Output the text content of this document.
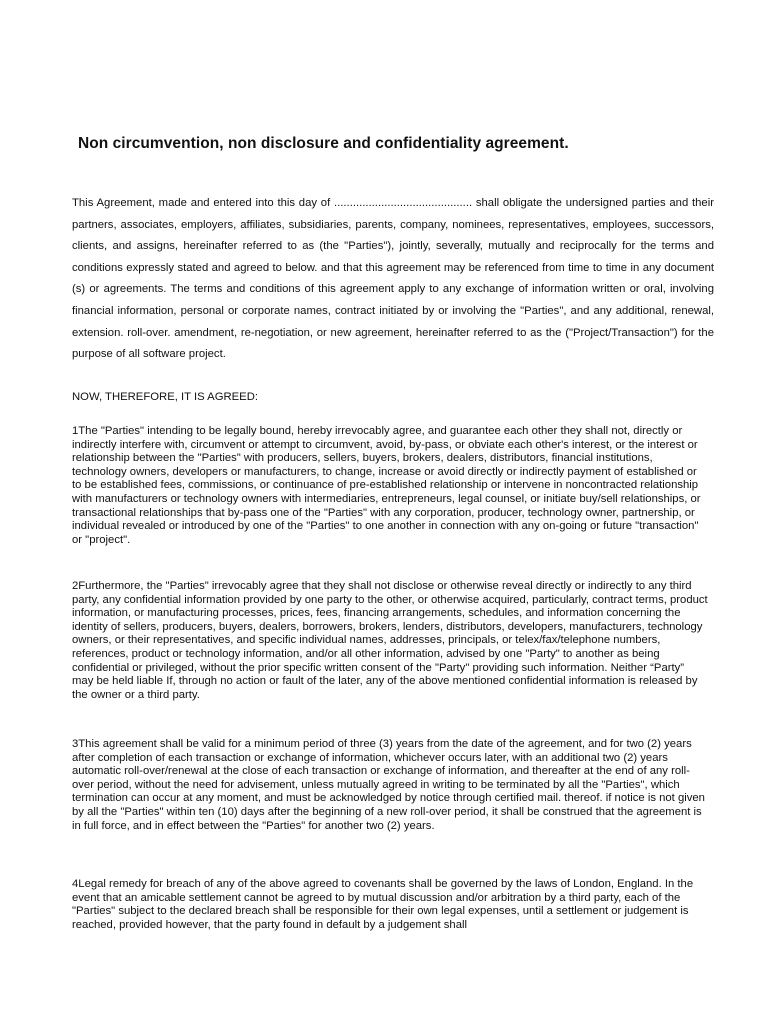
Non circumvention, non disclosure and confidentiality agreement.

This Agreement, made and entered into this day of ............................................ shall obligate the undersigned parties and their partners, associates, employers, affiliates, subsidiaries, parents, company, nominees, representatives, employees, successors, clients, and assigns, hereinafter referred to as (the "Parties"), jointly, severally, mutually and reciprocally for the terms and conditions expressly stated and agreed to below. and that this agreement may be referenced from time to time in any document (s) or agreements. The terms and conditions of this agreement apply to any exchange of information written or oral, involving financial information, personal or corporate names, contract initiated by or involving the "Parties", and any additional, renewal, extension. roll-over. amendment, re-negotiation, or new agreement, hereinafter referred to as the ("Project/Transaction") for the purpose of all software project.

NOW, THEREFORE, IT IS AGREED:

1The "Parties" intending to be legally bound, hereby irrevocably agree, and guarantee each other they shall not, directly or indirectly interfere with, circumvent or attempt to circumvent, avoid, by-pass, or obviate each other's interest, or the interest or relationship between the "Parties" with producers, sellers, buyers, brokers, dealers, distributors, financial institutions, technology owners, developers or manufacturers, to change, increase or avoid directly or indirectly payment of established or to be established fees, commissions, or continuance of pre-established relationship or intervene in noncontracted relationship with manufacturers or technology owners with intermediaries, entrepreneurs, legal counsel, or initiate buy/sell relationships, or transactional relationships that by-pass one of the "Parties" with any corporation, producer, technology owner, partnership, or individual revealed or introduced by one of the "Parties" to one another in connection with any on-going or future "transaction" or "project".

2Furthermore, the "Parties" irrevocably agree that they shall not disclose or otherwise reveal directly or indirectly to any third party, any confidential information provided by one party to the other, or otherwise acquired, particularly, contract terms, product information, or manufacturing processes, prices, fees, financing arrangements, schedules, and information concerning the identity of sellers, producers, buyers, dealers, borrowers, brokers, lenders, distributors, developers, manufacturers, technology owners, or their representatives, and specific individual names, addresses, principals, or telex/fax/telephone numbers, references, product or technology information, and/or all other information, advised by one "Party" to another as being confidential or privileged, without the prior specific written consent of the "Party" providing such information. Neither “Party” may be held liable If, through no action or fault of the later, any of the above mentioned confidential information is released by the owner or a third party.

3This agreement shall be valid for a minimum period of three (3) years from the date of the agreement, and for two (2) years after completion of each transaction or exchange of information, whichever occurs later, with an additional two (2) years automatic roll-over/renewal at the close of each transaction or exchange of information, and thereafter at the end of any roll-over period, without the need for advisement, unless mutually agreed in writing to be terminated by all the "Parties", which termination can occur at any moment, and must be acknowledged by notice through certified mail. thereof. if notice is not given by all the "Parties" within ten (10) days after the beginning of a new roll-over period, it shall be construed that the agreement is in full force, and in effect between the "Parties" for another two (2) years.

4Legal remedy for breach of any of the above agreed to covenants shall be governed by the laws of London, England. In the event that an amicable settlement cannot be agreed to by mutual discussion and/or arbitration by a third party, each of the "Parties" subject to the declared breach shall be responsible for their own legal expenses, until a settlement or judgement is reached, provided however, that the party found in default by a judgement shall
